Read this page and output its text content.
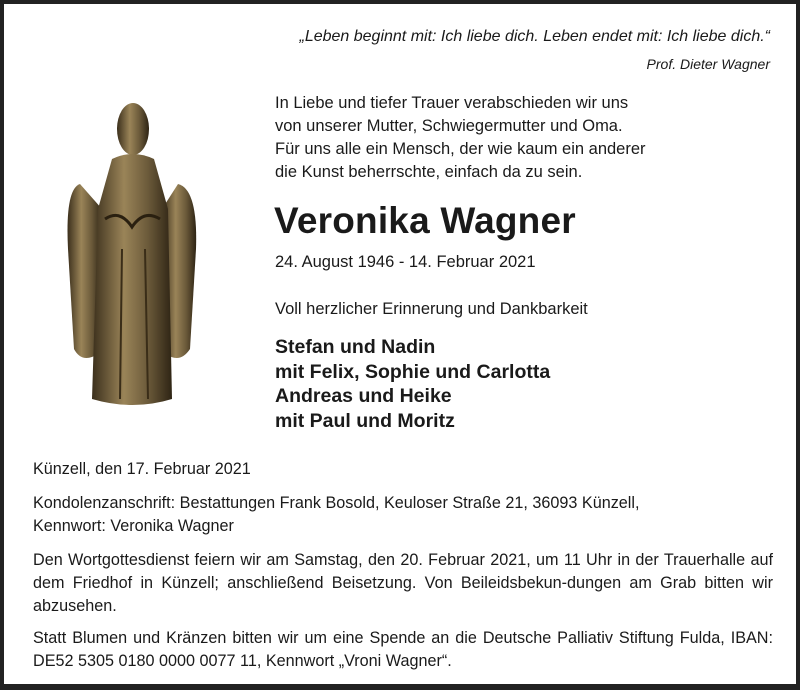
„Leben beginnt mit: Ich liebe dich. Leben endet mit: Ich liebe dich.“
Prof. Dieter Wagner
In Liebe und tiefer Trauer verabschieden wir uns
von unserer Mutter, Schwiegermutter und Oma.
Für uns alle ein Mensch, der wie kaum ein anderer
die Kunst beherrschte, einfach da zu sein.
Veronika Wagner
24. August 1946 - 14. Februar 2021
Voll herzlicher Erinnerung und Dankbarkeit
Stefan und Nadin
mit Felix, Sophie und Carlotta
Andreas und Heike
mit Paul und Moritz
Künzell, den 17. Februar 2021
Kondolenzanschrift: Bestattungen Frank Bosold, Keuloser Straße 21, 36093 Künzell,
Kennwort: Veronika Wagner
Den Wortgottesdienst feiern wir am Samstag, den 20. Februar 2021, um 11 Uhr in der Trauerhalle auf dem Friedhof in Künzell; anschließend Beisetzung. Von Beileidsbekun-dungen am Grab bitten wir abzusehen.
Statt Blumen und Kränzen bitten wir um eine Spende an die Deutsche Palliativ Stiftung Fulda, IBAN: DE52 5305 0180 0000 0077 11, Kennwort „Vroni Wagner“.
